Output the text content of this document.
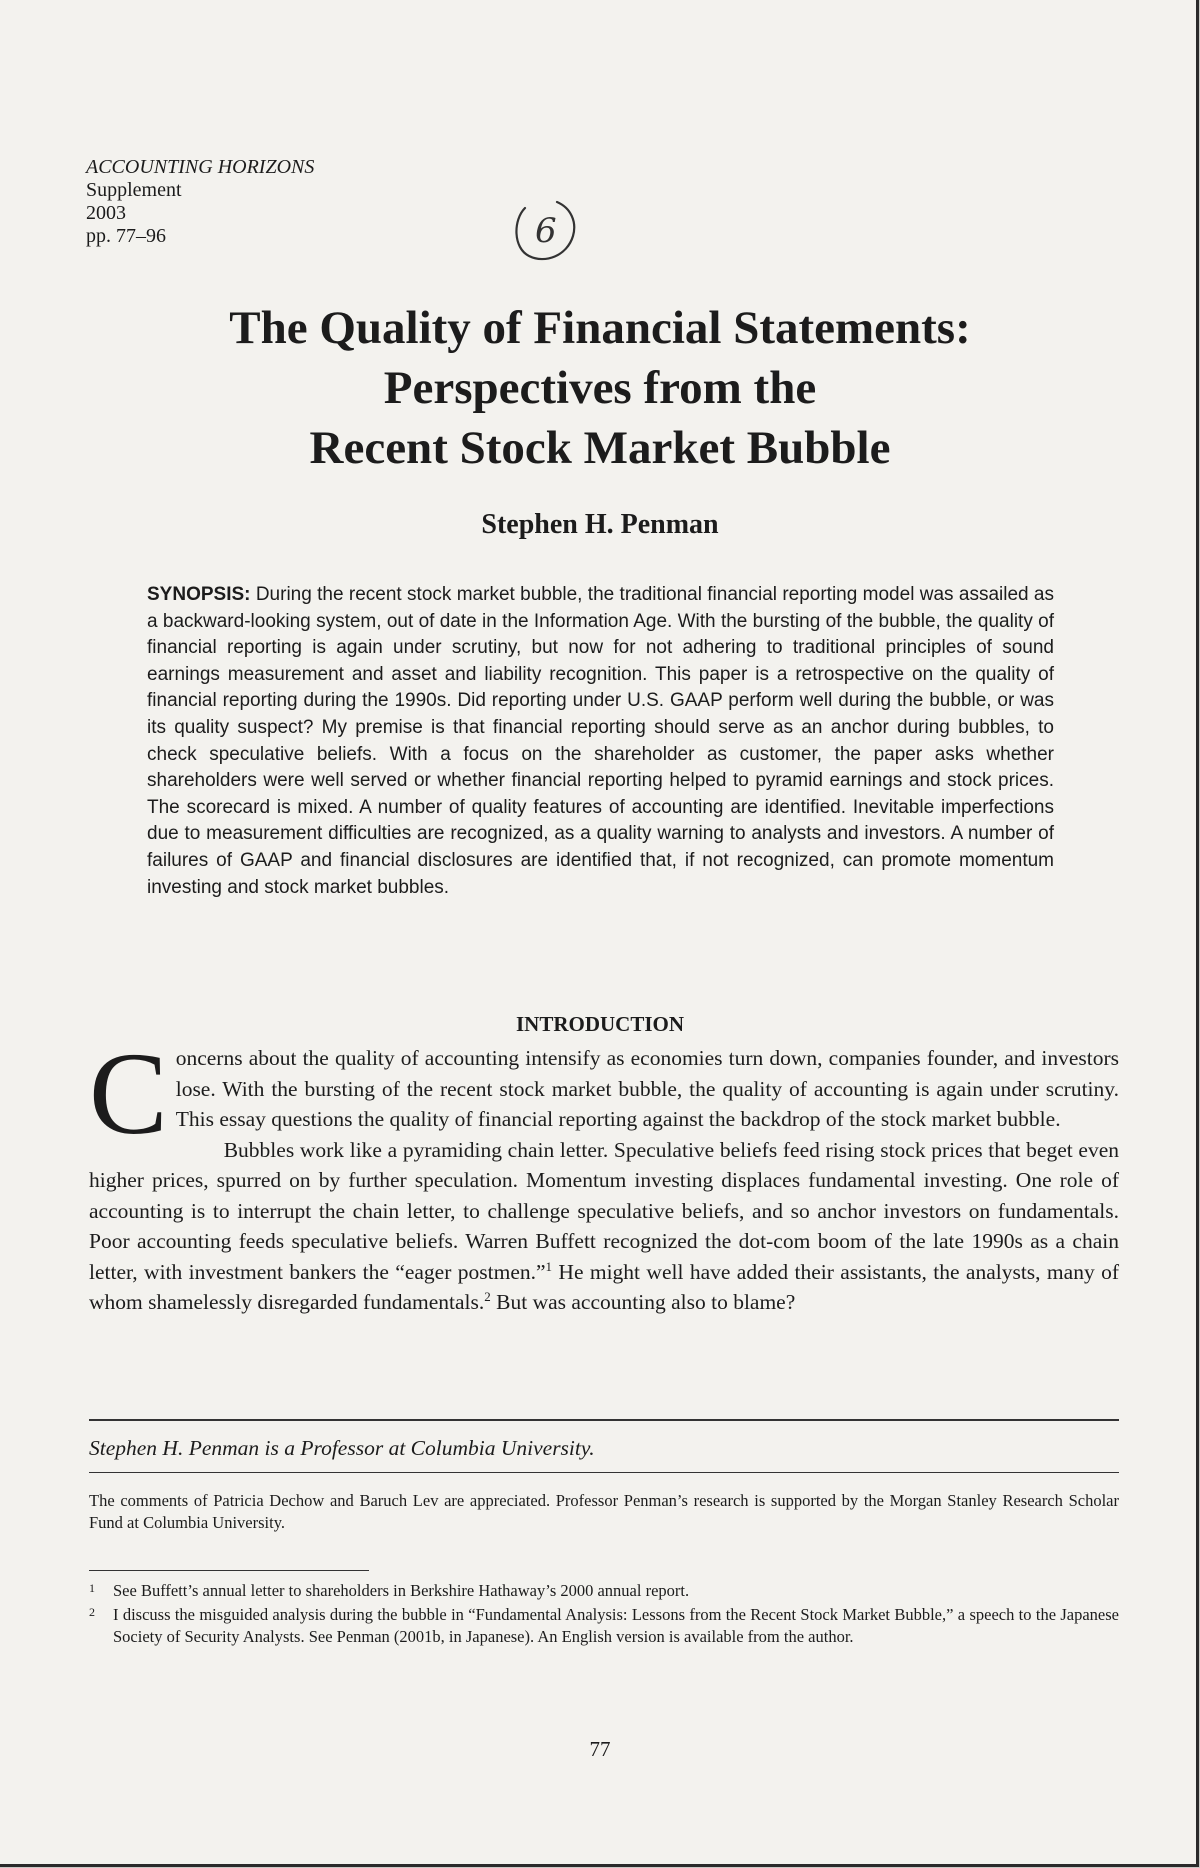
ACCOUNTING HORIZONS
Supplement
2003
pp. 77–96	6
The Quality of Financial Statements:
Perspectives from the
Recent Stock Market Bubble
Stephen H. Penman
SYNOPSIS: During the recent stock market bubble, the traditional financial reporting model was assailed as a backward-looking system, out of date in the Information Age. With the bursting of the bubble, the quality of financial reporting is again under scrutiny, but now for not adhering to traditional principles of sound earnings measurement and asset and liability recognition. This paper is a retrospective on the quality of financial reporting during the 1990s. Did reporting under U.S. GAAP perform well during the bubble, or was its quality suspect? My premise is that financial reporting should serve as an anchor during bubbles, to check speculative beliefs. With a focus on the shareholder as customer, the paper asks whether shareholders were well served or whether financial reporting helped to pyramid earnings and stock prices. The scorecard is mixed. A number of quality features of accounting are identified. Inevitable imperfections due to measurement difficulties are recognized, as a quality warning to analysts and investors. A number of failures of GAAP and financial disclosures are identified that, if not recognized, can promote momentum investing and stock market bubbles.
INTRODUCTION

Concerns about the quality of accounting intensify as economies turn down, companies founder, and investors lose. With the bursting of the recent stock market bubble, the quality of accounting is again under scrutiny. This essay questions the quality of financial reporting against the backdrop of the stock market bubble.

Bubbles work like a pyramiding chain letter. Speculative beliefs feed rising stock prices that beget even higher prices, spurred on by further speculation. Momentum investing displaces fundamental investing. One role of accounting is to interrupt the chain letter, to challenge speculative beliefs, and so anchor investors on fundamentals. Poor accounting feeds speculative beliefs. Warren Buffett recognized the dot-com boom of the late 1990s as a chain letter, with investment bankers the “eager postmen.”$^1$ He might well have added their assistants, the analysts, many of whom shamelessly disregarded fundamentals.$^2$ But was accounting also to blame?

Stephen H. Penman is a Professor at Columbia University.
The comments of Patricia Dechow and Baruch Lev are appreciated. Professor Penman’s research is supported by the Morgan Stanley Research Scholar Fund at Columbia University.
1 See Buffett’s annual letter to shareholders in Berkshire Hathaway’s 2000 annual report.
2 I discuss the misguided analysis during the bubble in “Fundamental Analysis: Lessons from the Recent Stock Market Bubble,” a speech to the Japanese Society of Security Analysts. See Penman (2001b, in Japanese). An English version is available from the author.
77
